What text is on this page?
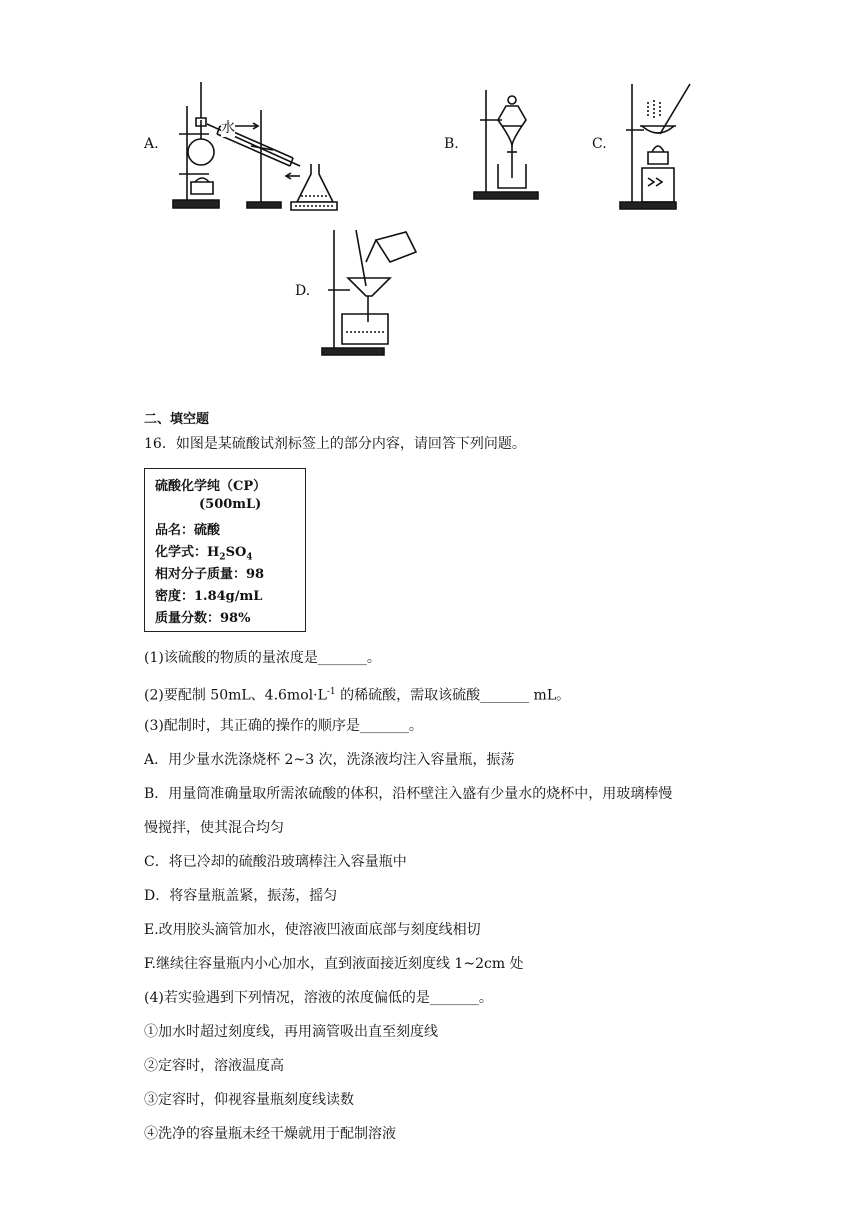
A.	B.	C.
D.
水
二、填空题
16．如图是某硫酸试剂标签上的部分内容，请回答下列问题。
硫酸化学纯（CP）
(500mL)
品名：硫酸
化学式：$H_2SO_4$
相对分子质量：98
密度：1.84g/mL
质量分数：98%
(1)该硫酸的物质的量浓度是_______。
(2)要配制 50mL、$4.6mol\cdot L^{-1}$ 的稀硫酸，需取该硫酸_______ mL。
(3)配制时，其正确的操作的顺序是_______。
A．用少量水洗涤烧杯 2~3 次，洗涤液均注入容量瓶，振荡
B．用量筒准确量取所需浓硫酸的体积，沿杯壁注入盛有少量水的烧杯中，用玻璃棒慢
慢搅拌，使其混合均匀
C．将已冷却的硫酸沿玻璃棒注入容量瓶中
D．将容量瓶盖紧，振荡，摇匀
E.改用胶头滴管加水，使溶液凹液面底部与刻度线相切
F.继续往容量瓶内小心加水，直到液面接近刻度线 1~2cm 处
(4)若实验遇到下列情况，溶液的浓度偏低的是_______。
①加水时超过刻度线，再用滴管吸出直至刻度线
②定容时，溶液温度高
③定容时，仰视容量瓶刻度线读数
④洗净的容量瓶未经干燥就用于配制溶液
